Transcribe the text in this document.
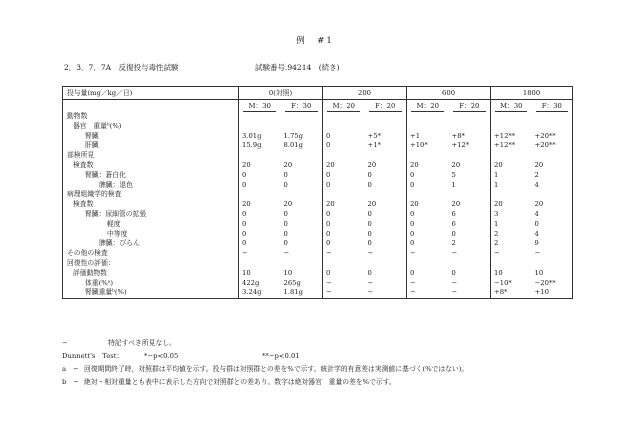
例　#1
2．3．7．7A　反復投与毒性試験	試験番号.94214　(続き)
投与量(mg／kg／日)	0(対照)		200		600		1800	
	M：30	F：30	M：20	F：20	M：20	F：20	M：30	F：30
動物数								
器官　重量ᵇ(%)								
腎臓	3.01g	1.75g	0	+5*	+1	+8*	+12**	+20**
肝臓	15.9g	8.01g	0	+1*	+10*	+12*	+12**	+20**
部検所見								
検査数	20	20	20	20	20	20	20	20
腎臓：蒼白化	0	0	0	0	0	5	1	2
脾臓：退色	0	0	0	0	0	1	1	4
病理組織学的検査								
検査数	20	20	20	20	20	20	20	20
腎臓：尿細管の拡張	0	0	0	0	0	6	3	4
軽度	0	0	0	0	0	6	1	0
中等度	0	0	0	0	0	0	2	4
脾臓：びらん	0	0	0	0	0	2	2	9
その他の検査	−	−	−	−	−	−	−	−
回復性の評価：								
評価動物数	10	10	0	0	0	0	10	10
体重(%ᵃ)	422g	265g	−	−	−	−	−10*	−20**
腎臓重量ᵇ(%)	3.24g	1.81g	−	−	−	−	+8*	+10
−	特記すべき所見なし。
Dunnett's　Test：	*−p<0.05	**−p<0.01
a　− 回復期間終了時，対照群は平均値を示す。投与群は対照群との差を%で示す。統計学的有意差は実測値に基づく(%ではない)。
b　− 絶対・相対重量とも表中に表示した方向で対照群との差あり。数字は絶対器官　重量の差を%で示す。
